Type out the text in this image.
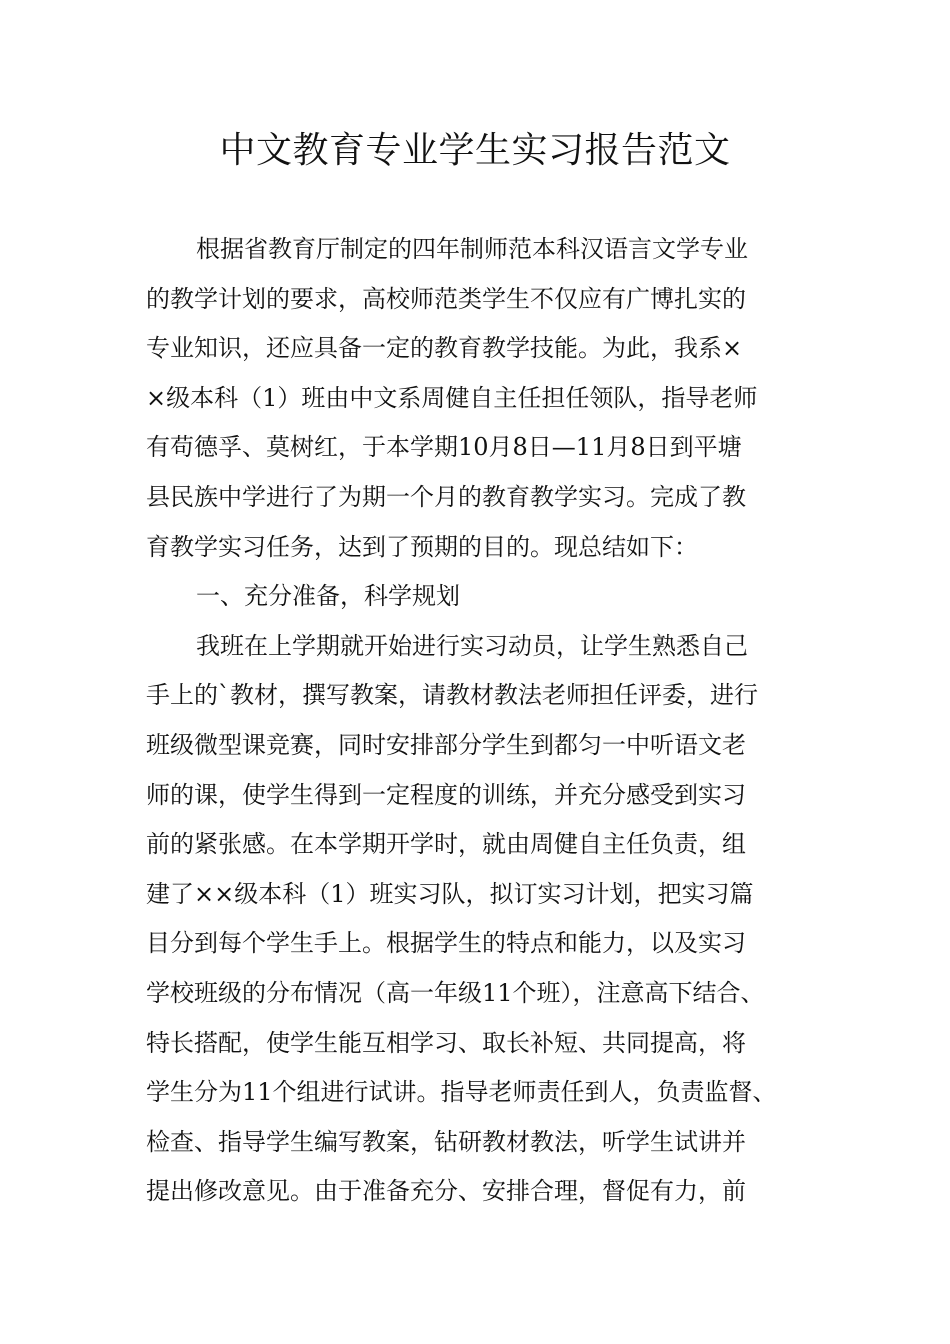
中文教育专业学生实习报告范文
根据省教育厅制定的四年制师范本科汉语言文学专业
的教学计划的要求，高校师范类学生不仅应有广博扎实的
专业知识，还应具备一定的教育教学技能。为此，我系×
×级本科（1）班由中文系周健自主任担任领队，指导老师
有苟德孚、莫树红，于本学期10月8日—11月8日到平塘
县民族中学进行了为期一个月的教育教学实习。完成了教
育教学实习任务，达到了预期的目的。现总结如下：
一、充分准备，科学规划
我班在上学期就开始进行实习动员，让学生熟悉自己
手上的`教材，撰写教案，请教材教法老师担任评委，进行
班级微型课竞赛，同时安排部分学生到都匀一中听语文老
师的课，使学生得到一定程度的训练，并充分感受到实习
前的紧张感。在本学期开学时，就由周健自主任负责，组
建了××级本科（1）班实习队，拟订实习计划，把实习篇
目分到每个学生手上。根据学生的特点和能力，以及实习
学校班级的分布情况（高一年级11个班），注意高下结合、
特长搭配，使学生能互相学习、取长补短、共同提高，将
学生分为11个组进行试讲。指导老师责任到人，负责监督、
检查、指导学生编写教案，钻研教材教法，听学生试讲并
提出修改意见。由于准备充分、安排合理，督促有力，前
